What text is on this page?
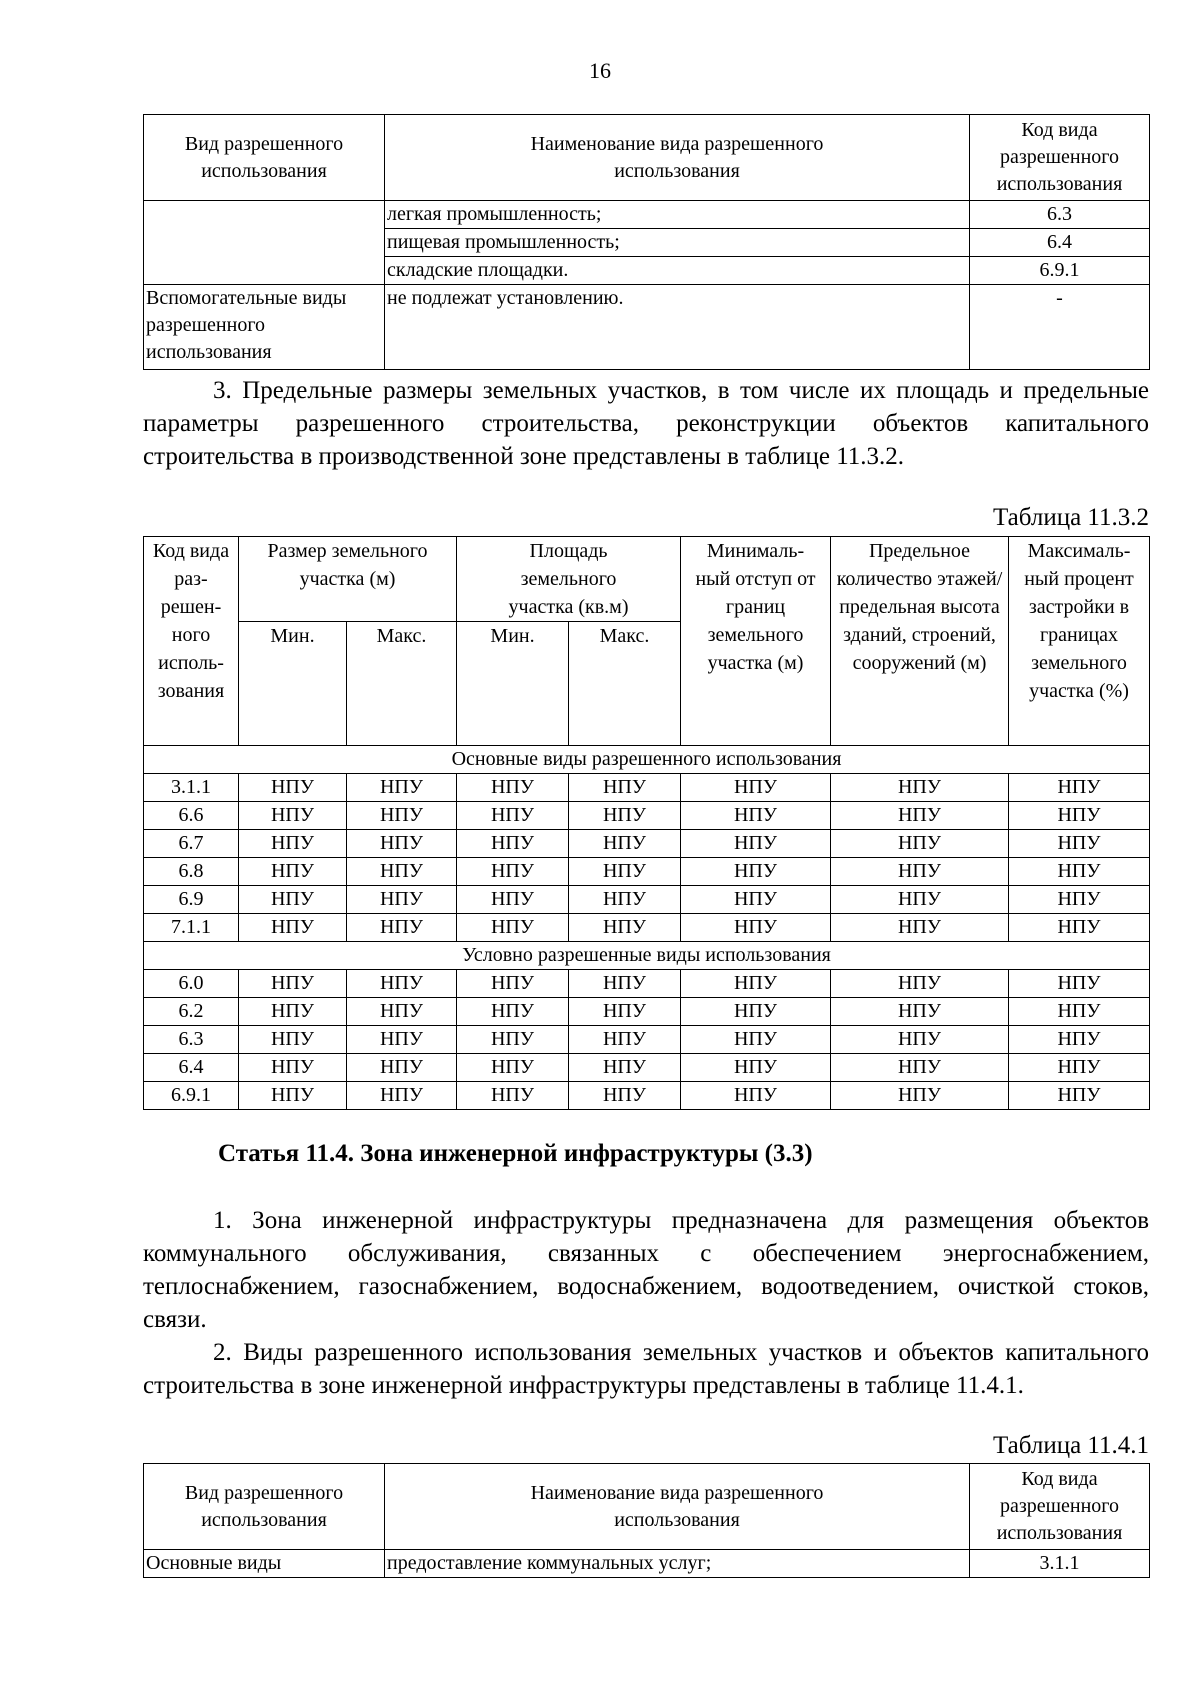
16
Вид разрешенного использования	Наименование вида разрешенного использования	Код вида разрешенного использования
	легкая промышленность;	6.3
	пищевая промышленность;	6.4
	складские площадки.	6.9.1
Вспомогательные виды разрешенного использования	не подлежат установлению.	-
3. Предельные размеры земельных участков, в том числе их площадь и предельные параметры разрешенного строительства, реконструкции объектов капитального строительства в производственной зоне представлены в таблице 11.3.2.
Таблица 11.3.2
Код вида раз-решен-ного исполь-зования	Размер земельного участка (м)		Площадь земельного участка (кв.м)		Минималь-ный отступ от границ земельного участка (м)	Предельное количество этажей/ предельная высота зданий, строений, сооружений (м)	Максималь-ный процент застройки в границах земельного участка (%)
	Мин.	Макс.	Мин.	Макс.			
Основные виды разрешенного использования							
3.1.1	НПУ	НПУ	НПУ	НПУ	НПУ	НПУ	НПУ
6.6	НПУ	НПУ	НПУ	НПУ	НПУ	НПУ	НПУ
6.7	НПУ	НПУ	НПУ	НПУ	НПУ	НПУ	НПУ
6.8	НПУ	НПУ	НПУ	НПУ	НПУ	НПУ	НПУ
6.9	НПУ	НПУ	НПУ	НПУ	НПУ	НПУ	НПУ
7.1.1	НПУ	НПУ	НПУ	НПУ	НПУ	НПУ	НПУ
Условно разрешенные виды использования							
6.0	НПУ	НПУ	НПУ	НПУ	НПУ	НПУ	НПУ
6.2	НПУ	НПУ	НПУ	НПУ	НПУ	НПУ	НПУ
6.3	НПУ	НПУ	НПУ	НПУ	НПУ	НПУ	НПУ
6.4	НПУ	НПУ	НПУ	НПУ	НПУ	НПУ	НПУ
6.9.1	НПУ	НПУ	НПУ	НПУ	НПУ	НПУ	НПУ
Статья 11.4. Зона инженерной инфраструктуры (3.3)
1. Зона инженерной инфраструктуры предназначена для размещения объектов коммунального обслуживания, связанных с обеспечением энергоснабжением, теплоснабжением, газоснабжением, водоснабжением, водоотведением, очисткой стоков, связи.
2. Виды разрешенного использования земельных участков и объектов капитального строительства в зоне инженерной инфраструктуры представлены в таблице 11.4.1.
Таблица 11.4.1
Вид разрешенного использования	Наименование вида разрешенного использования	Код вида разрешенного использования
Основные виды	предоставление коммунальных услуг;	3.1.1
